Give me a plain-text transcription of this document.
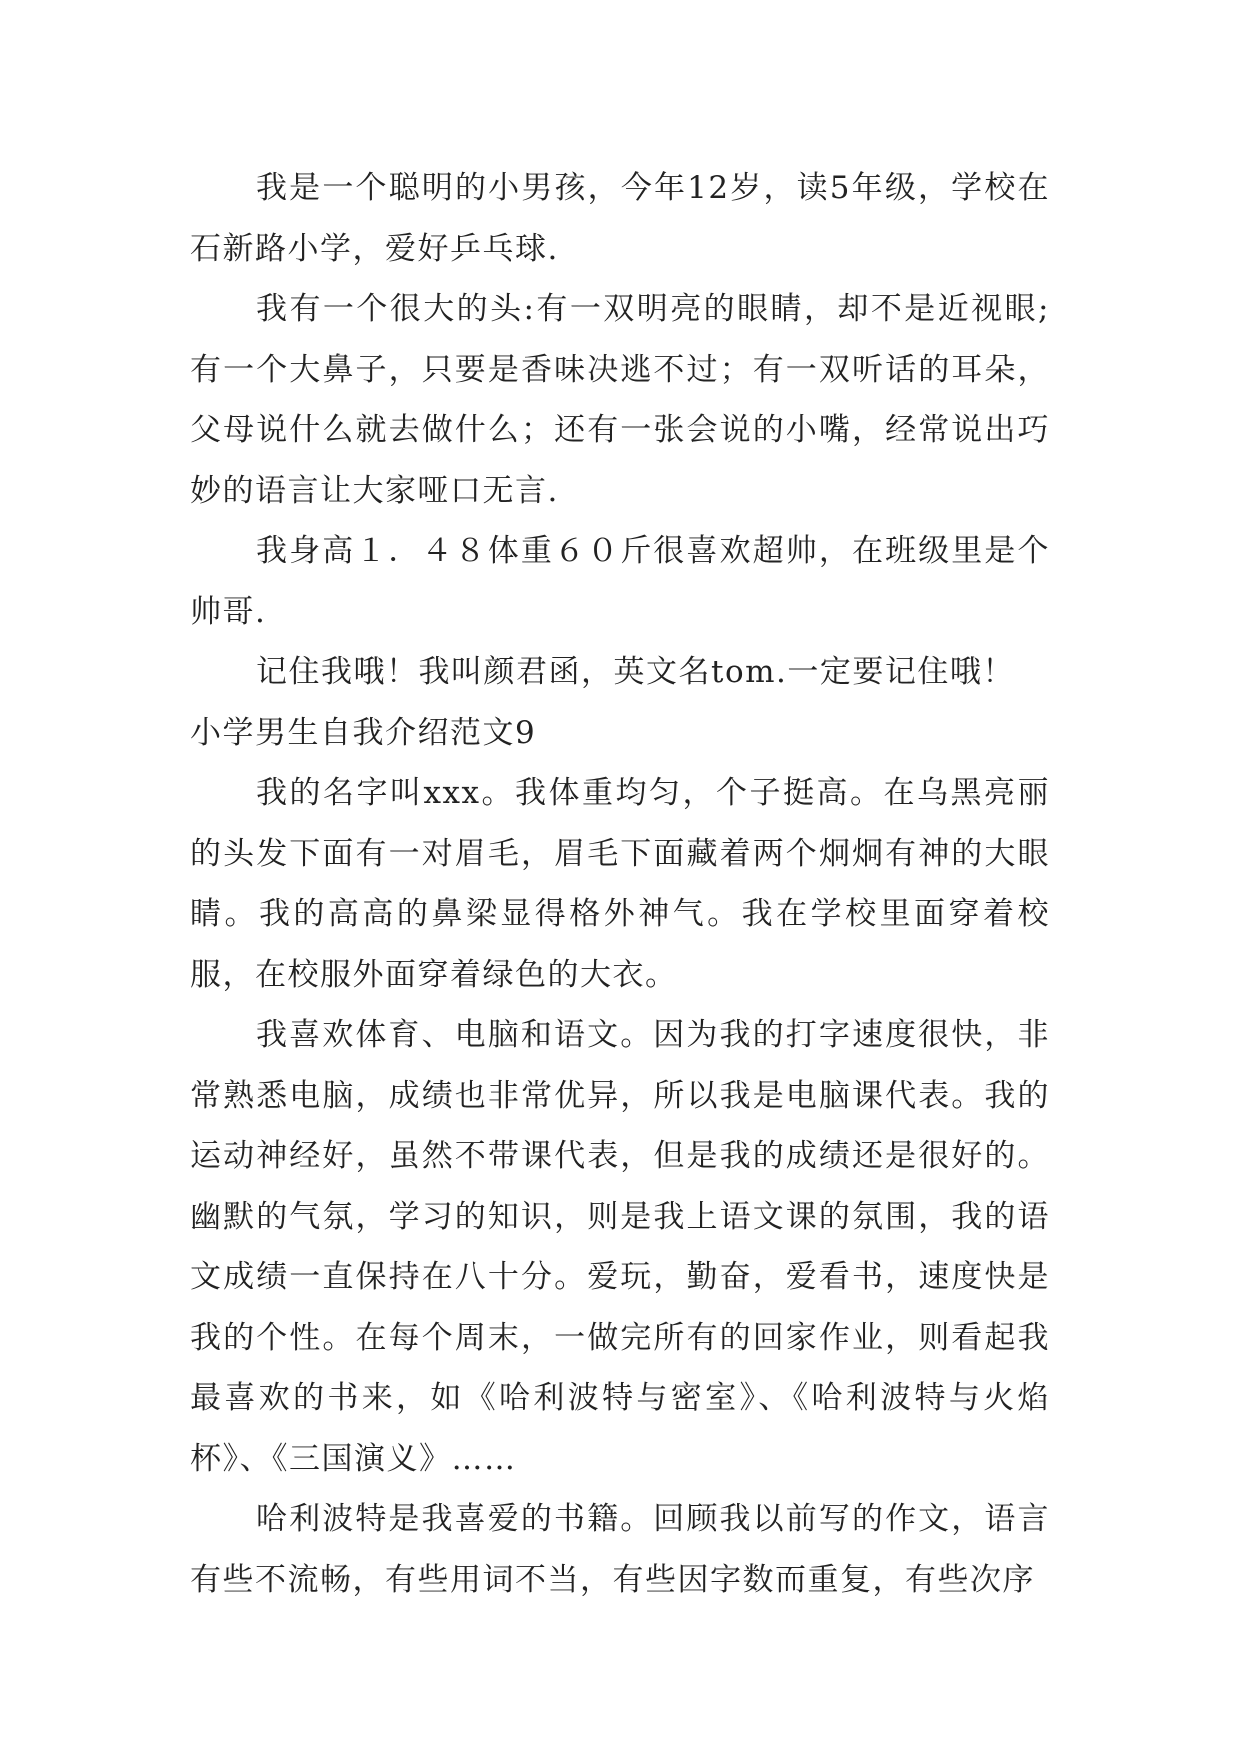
我是一个聪明的小男孩，今年12岁，读5年级，学校在石新路小学，爱好乒乓球.

我有一个很大的头:有一双明亮的眼睛，却不是近视眼;有一个大鼻子，只要是香味决逃不过；有一双听话的耳朵，父母说什么就去做什么；还有一张会说的小嘴，经常说出巧妙的语言让大家哑口无言.

我身高１．４８体重６０斤很喜欢超帅，在班级里是个帅哥.

记住我哦！我叫颜君函，英文名tom.一定要记住哦！

小学男生自我介绍范文9

我的名字叫xxx。我体重均匀，个子挺高。在乌黑亮丽的头发下面有一对眉毛，眉毛下面藏着两个炯炯有神的大眼睛。我的高高的鼻梁显得格外神气。我在学校里面穿着校服，在校服外面穿着绿色的大衣。

我喜欢体育、电脑和语文。因为我的打字速度很快，非常熟悉电脑，成绩也非常优异，所以我是电脑课代表。我的运动神经好，虽然不带课代表，但是我的成绩还是很好的。幽默的气氛，学习的知识，则是我上语文课的氛围，我的语文成绩一直保持在八十分。爱玩，勤奋，爱看书，速度快是我的个性。在每个周末，一做完所有的回家作业，则看起我最喜欢的书来，如《哈利波特与密室》、《哈利波特与火焰杯》、《三国演义》……

哈利波特是我喜爱的书籍。回顾我以前写的作文，语言有些不流畅，有些用词不当，有些因字数而重复，有些次序
